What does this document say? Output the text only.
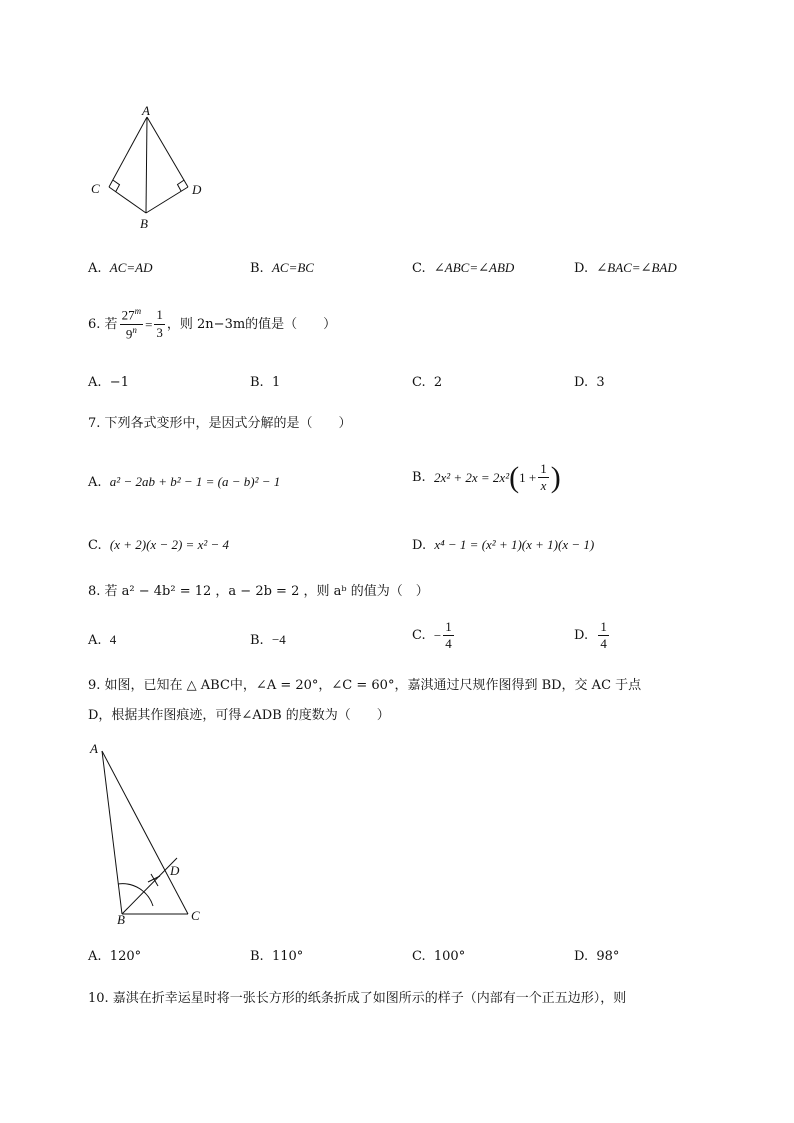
A
C	D
B
A. AC=AD	B. AC=BC	C. ∠ABC=∠ABD	D. ∠BAC=∠BAD
6.
若 $\frac{27^m}{9^n} = \frac{1}{3}$ ，则 2n−3m的值是（　　）
A. −1	B. 1	C. 2	D. 3
7. 下列各式变形中，是因式分解的是（　　）
A. a² − 2ab + b² − 1 = (a − b)² − 1	B.
2x² + 2x = 2x² ( $1 + \frac{1}{x}$ )
C. (x + 2)(x − 2) = x² − 4	D. x⁴ − 1 = (x² + 1)(x + 1)(x − 1)
8. 若 a² − 4b² = 12 ，a − 2b = 2 ，则 aᵇ 的值为（　）
A. 4	B. −4	C.
− $\frac{1}{4}$	D.
$\frac{1}{4}$
9. 如图，已知在 △ ABC中，∠A = 20°，∠C = 60°，嘉淇通过尺规作图得到 BD，交 AC 于点
D，根据其作图痕迹，可得∠ADB 的度数为（　　）
A
D
B	C
A. 120°	B. 110°	C. 100°	D. 98°
10. 嘉淇在折幸运星时将一张长方形的纸条折成了如图所示的样子（内部有一个正五边形），则
